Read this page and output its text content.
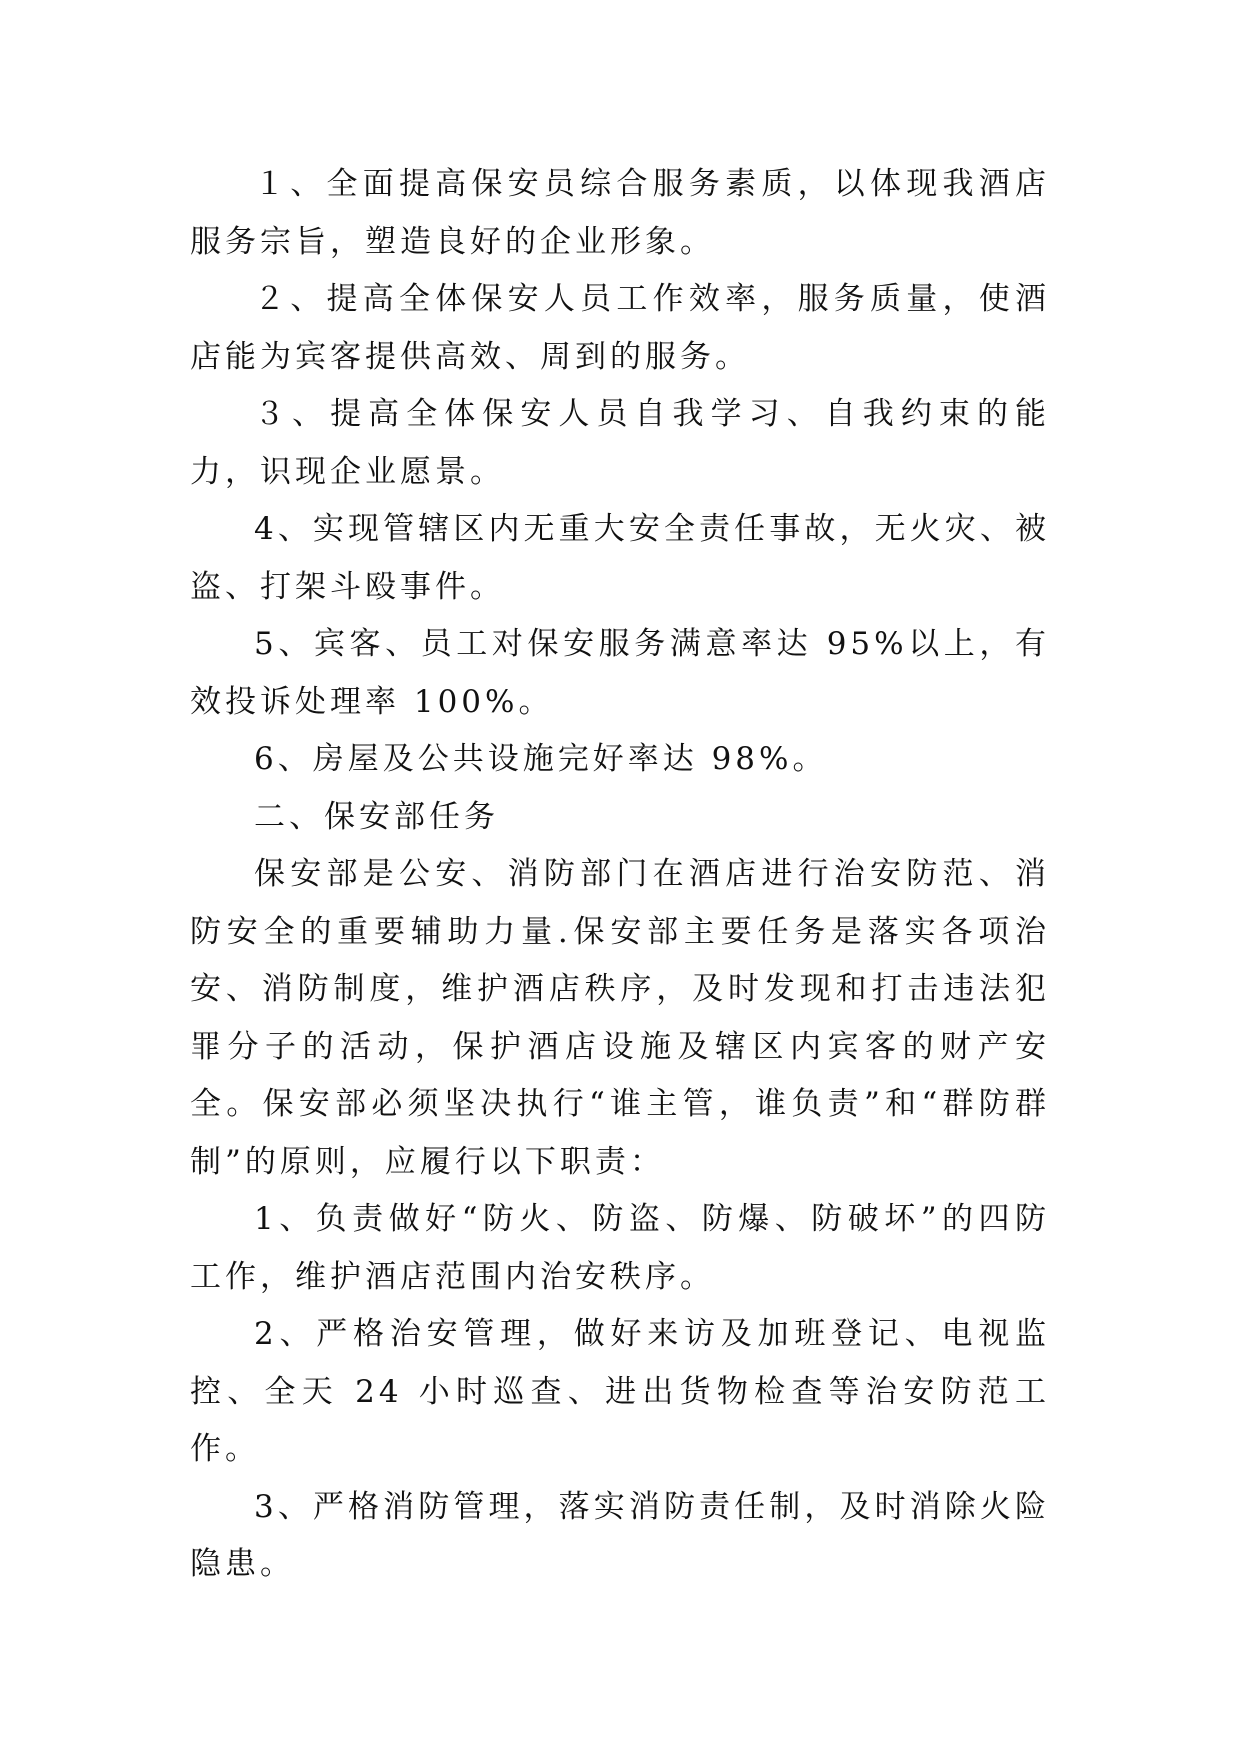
１、全面提高保安员综合服务素质，以体现我酒店服务宗旨，塑造良好的企业形象。

２、提高全体保安人员工作效率，服务质量，使酒店能为宾客提供高效、周到的服务。

３、提高全体保安人员自我学习、自我约束的能力，识现企业愿景。

4、实现管辖区内无重大安全责任事故，无火灾、被盗、打架斗殴事件。

5、宾客、员工对保安服务满意率达 95%以上，有效投诉处理率 100%。

6、房屋及公共设施完好率达 98%。

二、保安部任务

保安部是公安、消防部门在酒店进行治安防范、消防安全的重要辅助力量.保安部主要任务是落实各项治安、消防制度，维护酒店秩序，及时发现和打击违法犯罪分子的活动，保护酒店设施及辖区内宾客的财产安全。保安部必须坚决执行“谁主管，谁负责”和“群防群制”的原则，应履行以下职责：

1、负责做好“防火、防盗、防爆、防破坏”的四防工作，维护酒店范围内治安秩序。

2、严格治安管理，做好来访及加班登记、电视监控、全天 24 小时巡查、进出货物检查等治安防范工作。

3、严格消防管理，落实消防责任制，及时消除火险隐患。
